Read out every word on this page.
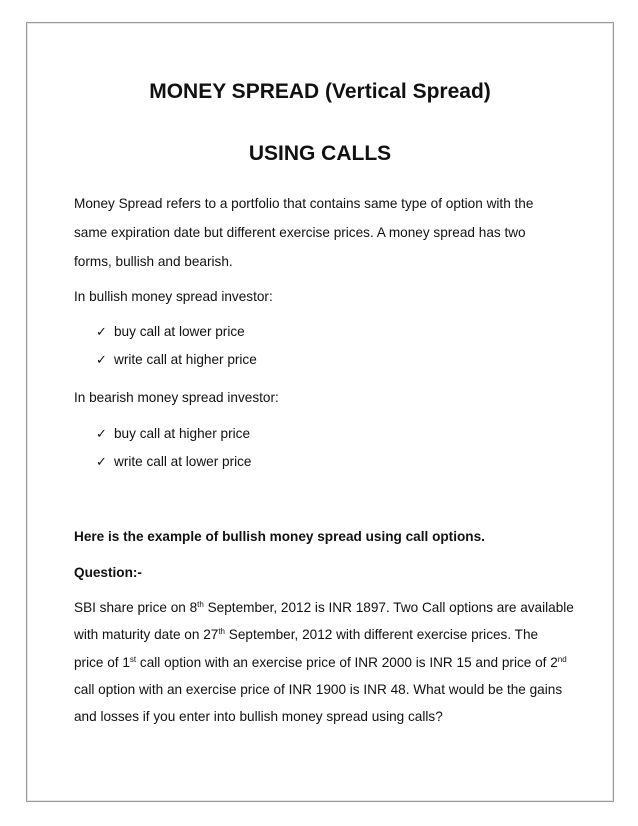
MONEY SPREAD (Vertical Spread)
USING CALLS

Money Spread refers to a portfolio that contains same type of option with the

same expiration date but different exercise prices. A money spread has two

forms, bullish and bearish.

In bullish money spread investor:

✓ buy call at lower price
✓ write call at higher price

In bearish money spread investor:

✓ buy call at higher price
✓ write call at lower price

Here is the example of bullish money spread using call options.

Question:-

SBI share price on 8th September, 2012 is INR 1897. Two Call options are available

with maturity date on 27th September, 2012 with different exercise prices. The

price of 1st call option with an exercise price of INR 2000 is INR 15 and price of 2nd

call option with an exercise price of INR 1900 is INR 48. What would be the gains

and losses if you enter into bullish money spread using calls?
